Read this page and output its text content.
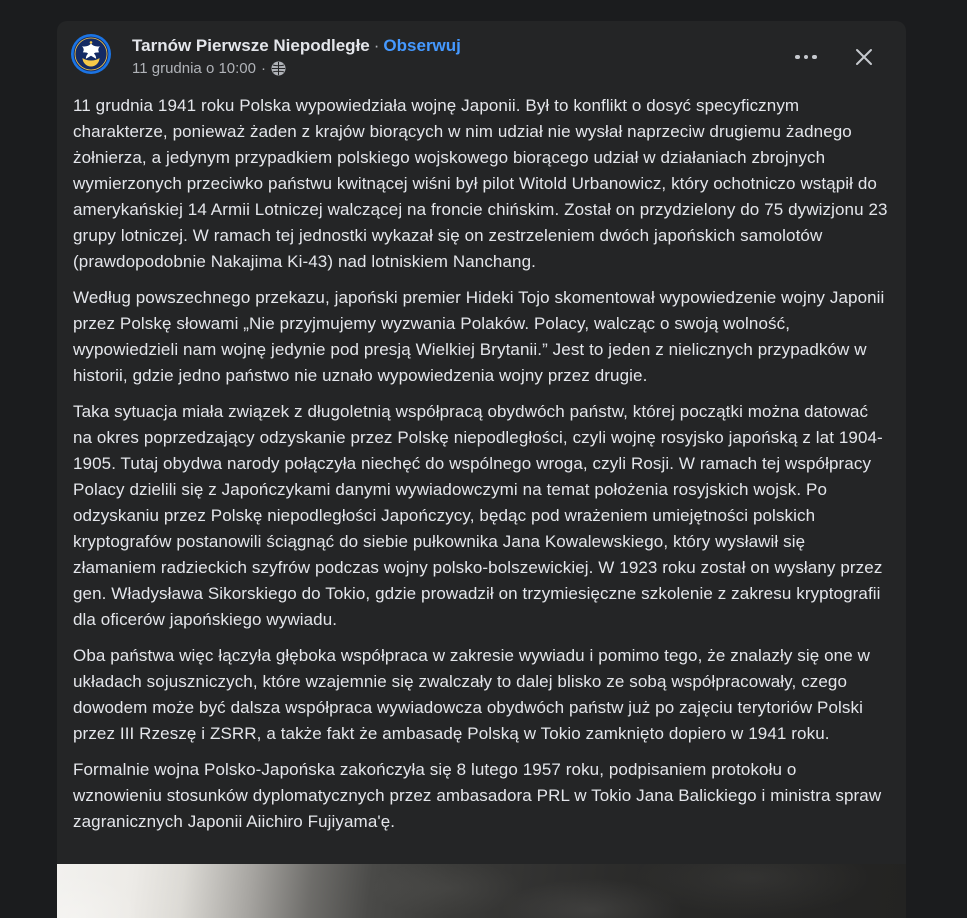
Tarnów Pierwsze Niepodległe · Obserwuj
11 grudnia o 10:00 ·

11 grudnia 1941 roku Polska wypowiedziała wojnę Japonii. Był to konflikt o dosyć specyficznym charakterze, ponieważ żaden z krajów biorących w nim udział nie wysłał naprzeciw drugiemu żadnego żołnierza, a jedynym przypadkiem polskiego wojskowego biorącego udział w działaniach zbrojnych wymierzonych przeciwko państwu kwitnącej wiśni był pilot Witold Urbanowicz, który ochotniczo wstąpił do amerykańskiej 14 Armii Lotniczej walczącej na froncie chińskim. Został on przydzielony do 75 dywizjonu 23 grupy lotniczej. W ramach tej jednostki wykazał się on zestrzeleniem dwóch japońskich samolotów (prawdopodobnie Nakajima Ki-43) nad lotniskiem Nanchang.

Według powszechnego przekazu, japoński premier Hideki Tojo skomentował wypowiedzenie wojny Japonii przez Polskę słowami „Nie przyjmujemy wyzwania Polaków. Polacy, walcząc o swoją wolność, wypowiedzieli nam wojnę jedynie pod presją Wielkiej Brytanii.” Jest to jeden z nielicznych przypadków w historii, gdzie jedno państwo nie uznało wypowiedzenia wojny przez drugie.

Taka sytuacja miała związek z długoletnią współpracą obydwóch państw, której początki można datować na okres poprzedzający odzyskanie przez Polskę niepodległości, czyli wojnę rosyjsko japońską z lat 1904-1905. Tutaj obydwa narody połączyła niechęć do wspólnego wroga, czyli Rosji. W ramach tej współpracy Polacy dzielili się z Japończykami danymi wywiadowczymi na temat położenia rosyjskich wojsk. Po odzyskaniu przez Polskę niepodległości Japończycy, będąc pod wrażeniem umiejętności polskich kryptografów postanowili ściągnąć do siebie pułkownika Jana Kowalewskiego, który wysławił się złamaniem radzieckich szyfrów podczas wojny polsko-bolszewickiej. W 1923 roku został on wysłany przez gen. Władysława Sikorskiego do Tokio, gdzie prowadził on trzymiesięczne szkolenie z zakresu kryptografii dla oficerów japońskiego wywiadu.

Oba państwa więc łączyła głęboka współpraca w zakresie wywiadu i pomimo tego, że znalazły się one w układach sojuszniczych, które wzajemnie się zwalczały to dalej blisko ze sobą współpracowały, czego dowodem może być dalsza współpraca wywiadowcza obydwóch państw już po zajęciu terytoriów Polski przez III Rzeszę i ZSRR, a także fakt że ambasadę Polską w Tokio zamknięto dopiero w 1941 roku.

Formalnie wojna Polsko-Japońska zakończyła się 8 lutego 1957 roku, podpisaniem protokołu o wznowieniu stosunków dyplomatycznych przez ambasadora PRL w Tokio Jana Balickiego i ministra spraw zagranicznych Japonii Aiichiro Fujiyama'ę.
